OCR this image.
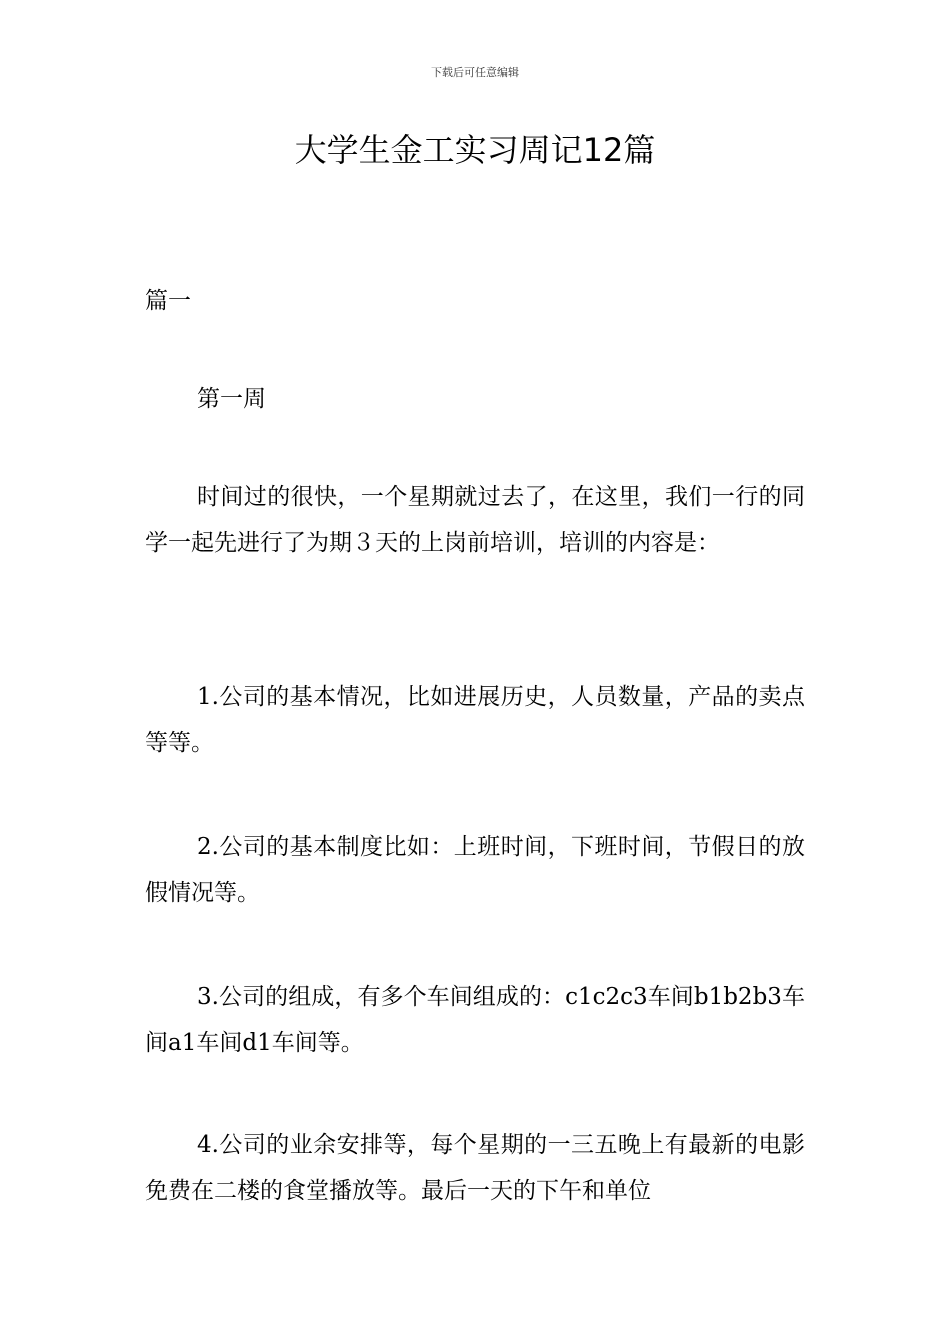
下载后可任意编辑
大学生金工实习周记12篇

篇一

第一周

时间过的很快，一个星期就过去了，在这里，我们一行的同学一起先进行了为期３天的上岗前培训，培训的内容是：

1.公司的基本情况，比如进展历史，人员数量，产品的卖点等等。

2.公司的基本制度比如：上班时间，下班时间，节假日的放假情况等。

3.公司的组成，有多个车间组成的：c1c2c3车间b1b2b3车间a1车间d1车间等。

4.公司的业余安排等，每个星期的一三五晚上有最新的电影免费在二楼的食堂播放等。最后一天的下午和单位
